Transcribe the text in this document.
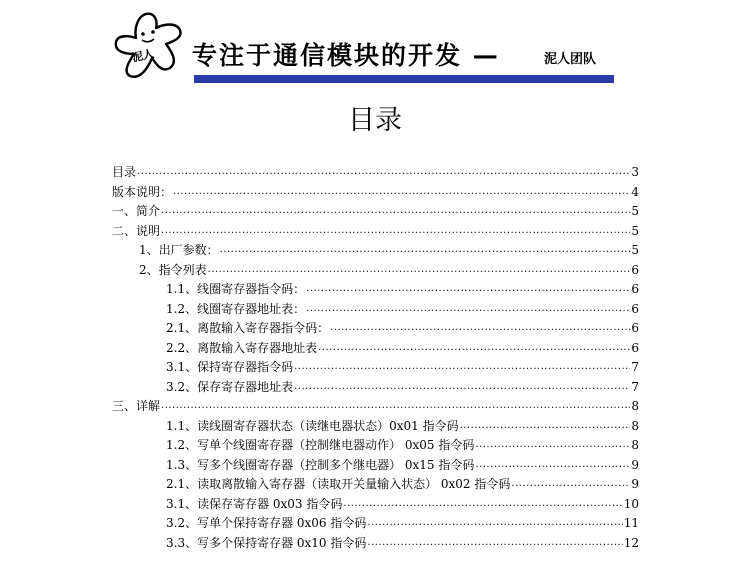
泥人 专注于通信模块的开发 —	泥人团队
目录
目录 .....	3
版本说明： .....	4
一、简介 .....	5
二、说明 .....	5
1、出厂参数： .....	5
2、指令列表 .....	6
1.1、线圈寄存器指令码： .....	6
1.2、线圈寄存器地址表： .....	6
2.1、离散输入寄存器指令码： .....	6
2.2、离散输入寄存器地址表 .....	6
3.1、保持寄存器指令码 .....	7
3.2、保存寄存器地址表 .....	7
三、详解 .....	8
1.1、读线圈寄存器状态（读继电器状态）0x01 指令码 .....	8
1.2、写单个线圈寄存器（控制继电器动作） 0x05 指令码 .....	8
1.3、写多个线圈寄存器（控制多个继电器） 0x15 指令码 .....	9
2.1、读取离散输入寄存器（读取开关量输入状态） 0x02 指令码 .....	9
3.1、读保存寄存器 0x03 指令码 .....	10
3.2、写单个保持寄存器 0x06 指令码 .....	11
3.3、写多个保持寄存器 0x10 指令码 .....	12
